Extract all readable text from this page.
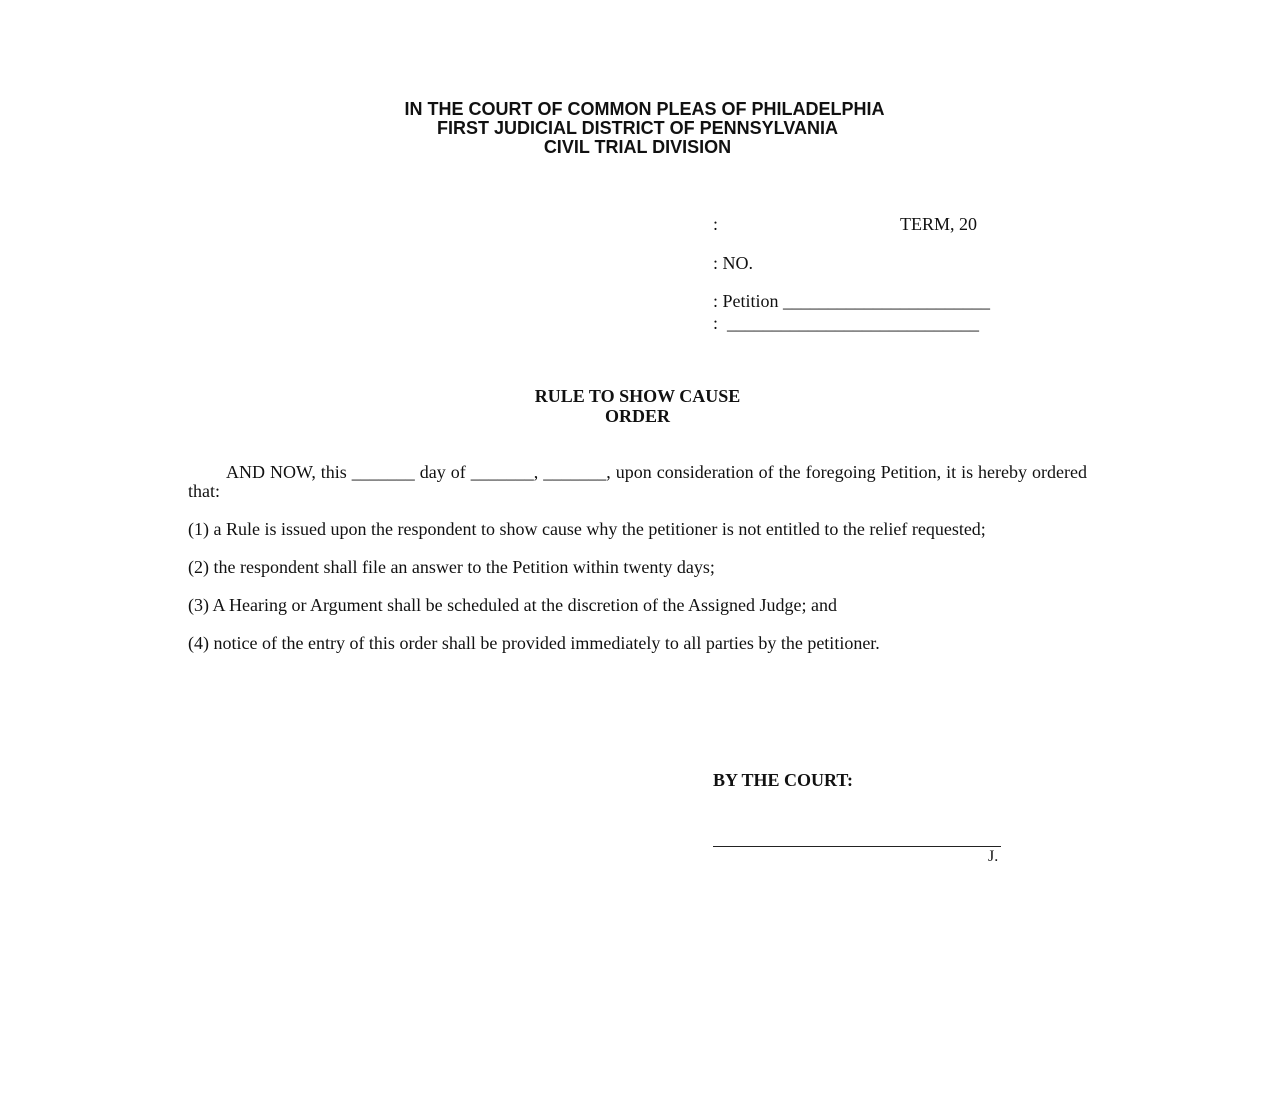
IN THE COURT OF COMMON PLEAS OF PHILADELPHIA
FIRST JUDICIAL DISTRICT OF PENNSYLVANIA
CIVIL TRIAL DIVISION

:

	TERM, 20

: NO.
: Petition _______________________
:  ____________________________
RULE TO SHOW CAUSE
ORDER

AND NOW, this _______ day of _______, _______, upon consideration of the foregoing Petition, it is hereby ordered that:

(1) a Rule is issued upon the respondent to show cause why the petitioner is not entitled to the relief requested;

(2) the respondent shall file an answer to the Petition within twenty days;

(3) A Hearing or Argument shall be scheduled at the discretion of the Assigned Judge; and

(4) notice of the entry of this order shall be provided immediately to all parties by the petitioner.

BY THE COURT:
J.
